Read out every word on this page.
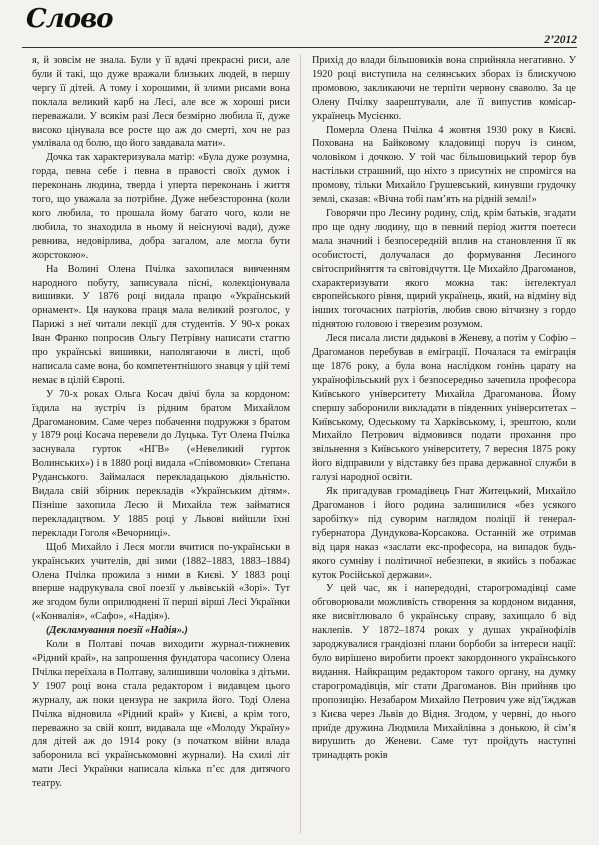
Слово
2’2012

я, й зовсім не знала. Були у її вдачі прекрасні риси, але були й такі, що дуже вражали близьких людей, в першу чергу її дітей. А тому і хорошими, й злими рисами вона поклала великий карб на Лесі, але все ж хороші риси переважали. У всякім разі Леся безмірно любила її, дуже високо цінувала все росте що аж до смерті, хоч не раз умлівала од болю, що його завдавала мати».

Дочка так характеризувала матір: «Була дуже розумна, горда, певна себе і певна в правості своїх думок і переконань людина, тверда і уперта переконань і життя того, що уважала за потрібне. Дуже небезсторонна (коли кого любила, то прошала йому багато чого, коли не любила, то знаходила в ньому й неіснуючі вади), дуже ревнива, недовірлива, добра загалом, але могла бути жорстокою».

На Волині Олена Пчілка захопилася вивченням народного побуту, записувала пісні, колекціонувала вишивки. У 1876 році видала працю «Український орнамент». Ця наукова праця мала великий розголос, у Парижі з неї читали лекції для студентів. У 90-х роках Іван Франко попросив Ольгу Петрівну написати статтю про українські вишивки, наполягаючи в листі, щоб написала саме вона, бо компетентнішого знавця у цій темі немає в цілій Європі.

У 70-х роках Ольга Косач двічі була за кордоном: їздила на зустріч із рідним братом Михайлом Драгомановим. Саме через побачення подружжя з братом у 1879 році Косача перевели до Луцька. Тут Олена Пчілка заснувала гурток «НГВ» («Невеликий гурток Волинських») і в 1880 році видала «Співомовки» Степана Руданського. Займалася перекладацькою діяльністю. Видала свій збірник перекладів «Українським дітям». Пізніше захопила Лесю й Михайла теж займатися перекладацтвом. У 1885 році у Львові вийшли їхні переклади Гоголя «Вечорниці».

Щоб Михайло і Леся могли вчитися по-українськи в українських учителів, дві зими (1882–1883, 1883–1884) Олена Пчілка прожила з ними в Києві. У 1883 році вперше надрукувала свої поезії у львівській «Зорі». Тут же згодом були оприлюднені її перші вірші Лесі Українки («Конвалія», «Сафо», «Надія»).

(Декламування поезії «Надія».)

Коли в Полтаві почав виходити журнал-тижневик «Рідний край», на запрошення фундатора часопису Олена Пчілка переїхала в Полтаву, залишивши чоловіка з дітьми. У 1907 році вона стала редактором і видавцем цього журналу, аж поки цензура не закрила його. Тоді Олена Пчілка відновила «Рідний край» у Києві, а крім того, переважно за свій кошт, видавала ще «Молоду Україну» для дітей аж до 1914 року (з початком війни влада заборонила всі українськомовні журнали). На схилі літ мати Лесі Українки написала кілька п’єс для дитячого театру.

Прихід до влади більшовиків вона сприйняла негативно. У 1920 році виступила на селянських зборах із блискучою промовою, закликаючи не терпіти червону сваволю. За це Олену Пчілку заарештували, але її випустив комісар-українець Мусієнко.

Померла Олена Пчілка 4 жовтня 1930 року в Києві. Похована на Байковому кладовищі поруч із сином, чоловіком і дочкою. У той час більшовицький терор був настільки страшний, що ніхто з присутніх не спромігся на промову, тільки Михайло Грушевський, кинувши грудочку землі, сказав: «Вічна тобі пам’ять на рідній землі!»

Говорячи про Лесину родину, слід, крім батьків, згадати про ще одну людину, що в певний період життя поетеси мала значний і безпосередній вплив на становлення її як особистості, долучалася до формування Лесиного світосприйняття та світовідчуття. Це Михайло Драгоманов, схарактеризувати якого можна так: інтелектуал європейського рівня, щирий українець, який, на відміну від інших тогочасних патріотів, любив свою вітчизну з гордо піднятою головою і тверезим розумом.

Леся писала листи дядькові в Женеву, а потім у Софію – Драгоманов перебував в еміграції. Почалася та еміграція ще 1876 року, а була вона наслідком гонінь царату на українофільський рух і безпосередньо зачепила професора Київського університету Михайла Драгоманова. Йому спершу заборонили викладати в південних університетах – Київському, Одеському та Харківському, і, зрештою, коли Михайло Петрович відмовився подати прохання про звільнення з Київського університету, 7 вересня 1875 року його відправили у відставку без права державної служби в галузі народної освіти.

Як пригадував громадівець Гнат Житецький, Михайло Драгоманов і його родина залишилися «без усякого заробітку» під суворим наглядом поліції й генерал-губернатора Дундукова-Корсакова. Останній же отримав від царя наказ «заслати екс-професора, на випадок будь-якого сумніву і політичної небезпеки, в якийсь з побажає куток Російської держави».

У цей час, як і напередодні, старогромадівці саме обговорювали можливість створення за кордоном видання, яке висвітлювало б українську справу, захищало б від наклепів. У 1872–1874 роках у душах українофілів зароджувалися грандіозні плани борбоби за інтереси нації: було вирішено виробити проект закордонного українського видання. Найкращим редактором такого органу, на думку старогромадівців, міг стати Драгоманов. Він прийняв цю пропозицію. Незабаром Михайло Петрович уже від’їжджав з Києва через Львів до Відня. Згодом, у червні, до нього приїде дружина Людмила Михайлівна з донькою, й сім’я вирушить до Женеви. Саме тут пройдуть наступні тринадцять років
